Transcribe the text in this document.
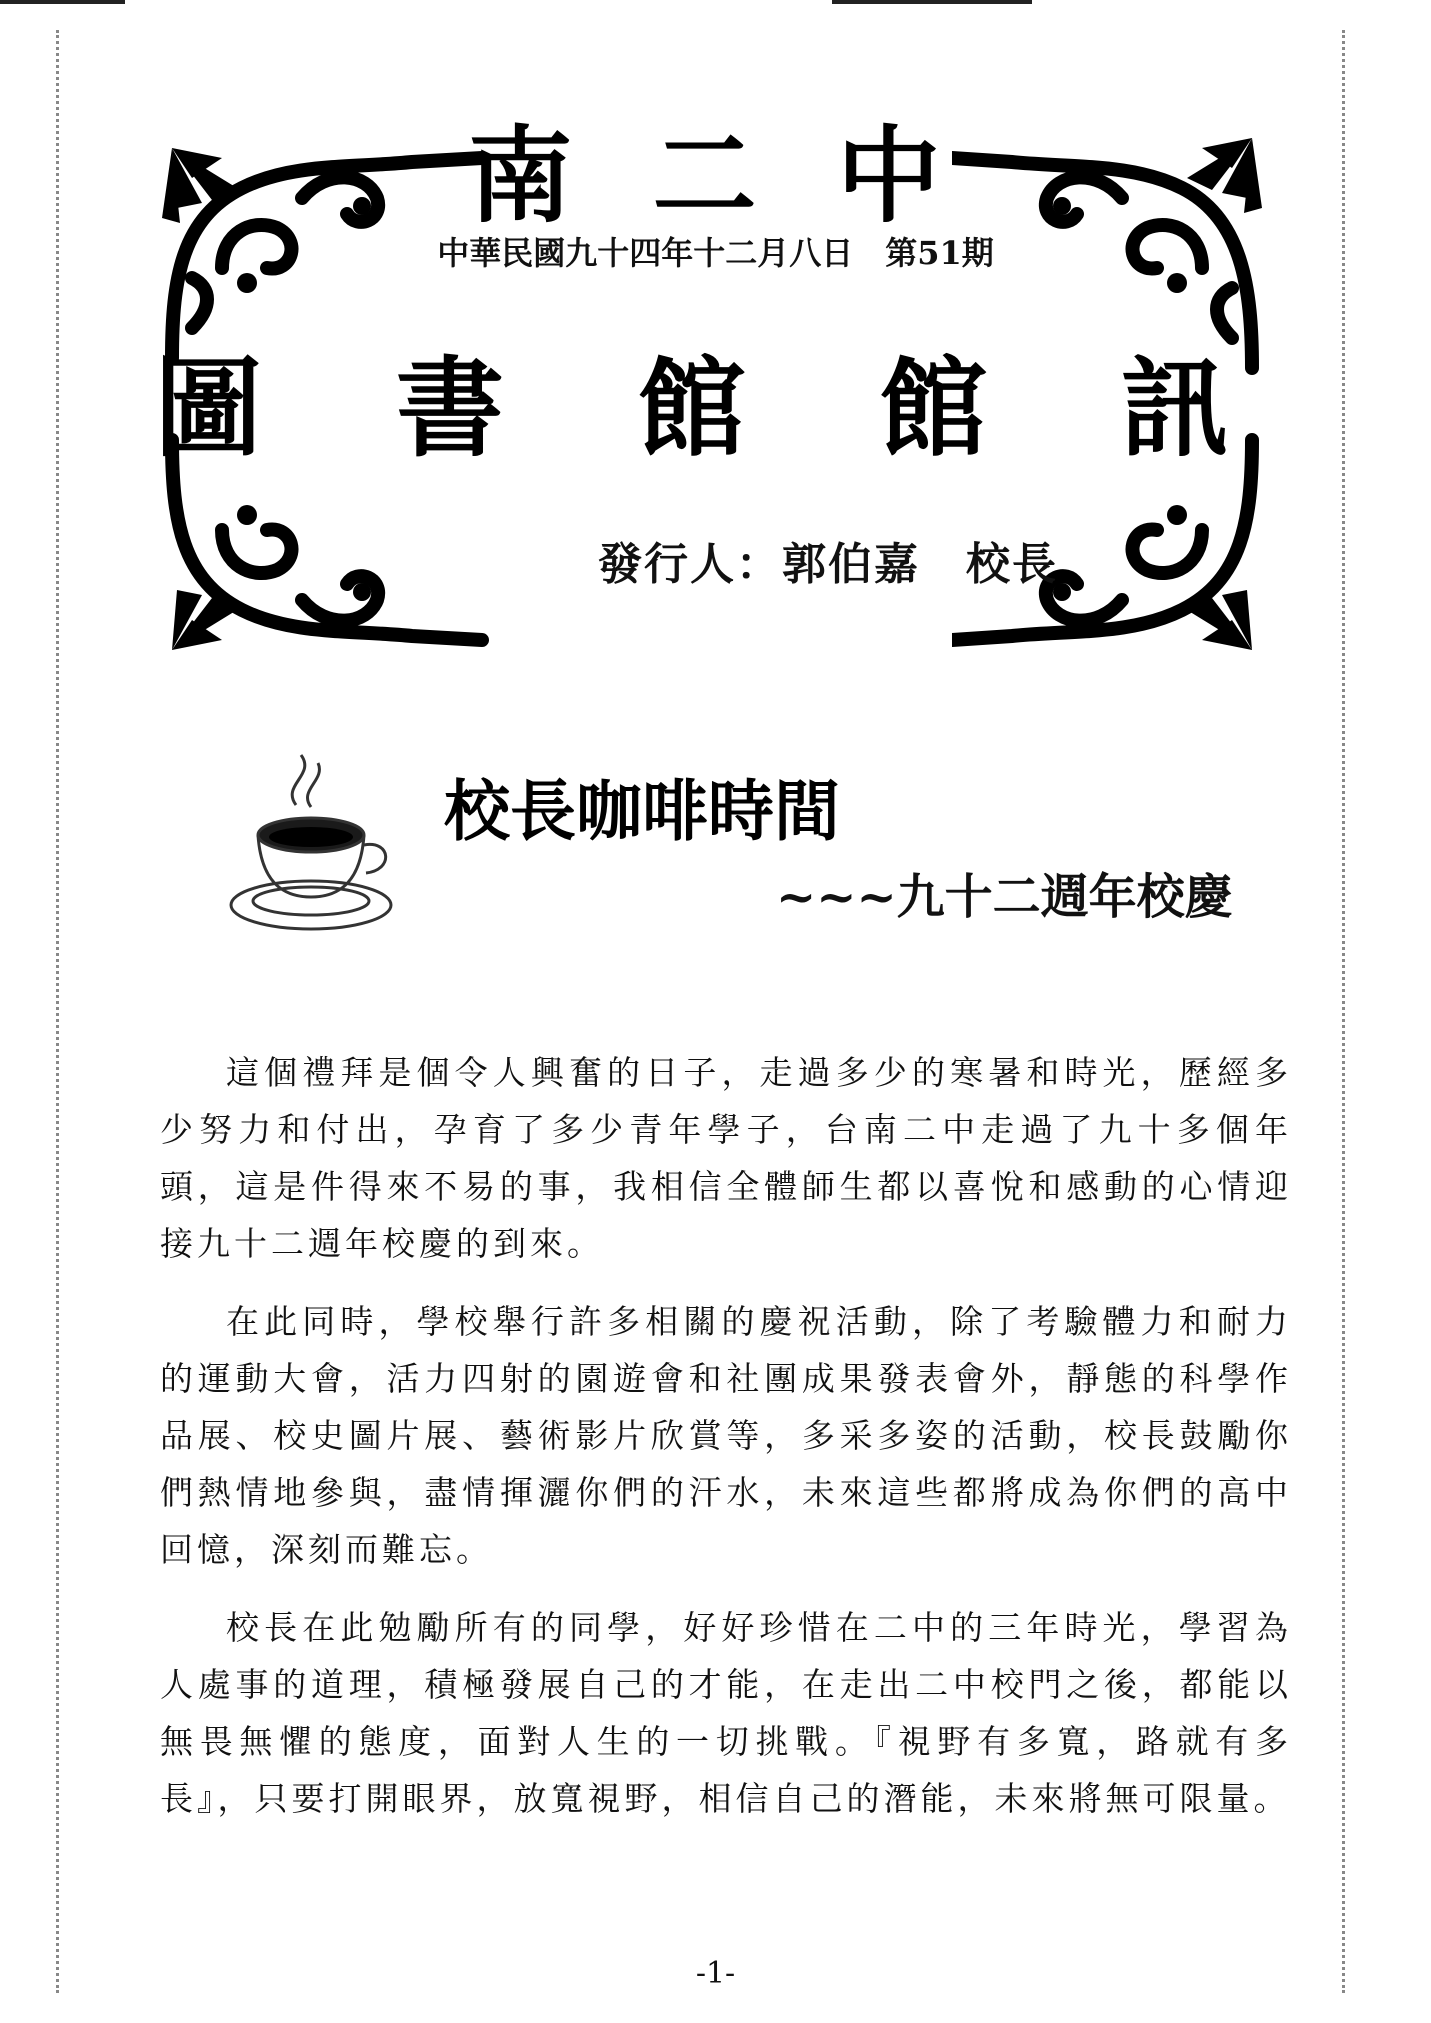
南 二 中
中華民國九十四年十二月八日　第51期
圖 書 館 館 訊
發行人：郭伯嘉　校長
校長咖啡時間
~~~九十二週年校慶

這個禮拜是個令人興奮的日子，走過多少的寒暑和時光，歷經多少努力和付出，孕育了多少青年學子，台南二中走過了九十多個年頭，這是件得來不易的事，我相信全體師生都以喜悅和感動的心情迎接九十二週年校慶的到來。

在此同時，學校舉行許多相關的慶祝活動，除了考驗體力和耐力的運動大會，活力四射的園遊會和社團成果發表會外，靜態的科學作品展、校史圖片展、藝術影片欣賞等，多采多姿的活動，校長鼓勵你們熱情地參與，盡情揮灑你們的汗水，未來這些都將成為你們的高中回憶，深刻而難忘。

校長在此勉勵所有的同學，好好珍惜在二中的三年時光，學習為人處事的道理，積極發展自己的才能，在走出二中校門之後，都能以無畏無懼的態度，面對人生的一切挑戰。『視野有多寬，路就有多長』，只要打開眼界，放寬視野，相信自己的潛能，未來將無可限量。

-1-
